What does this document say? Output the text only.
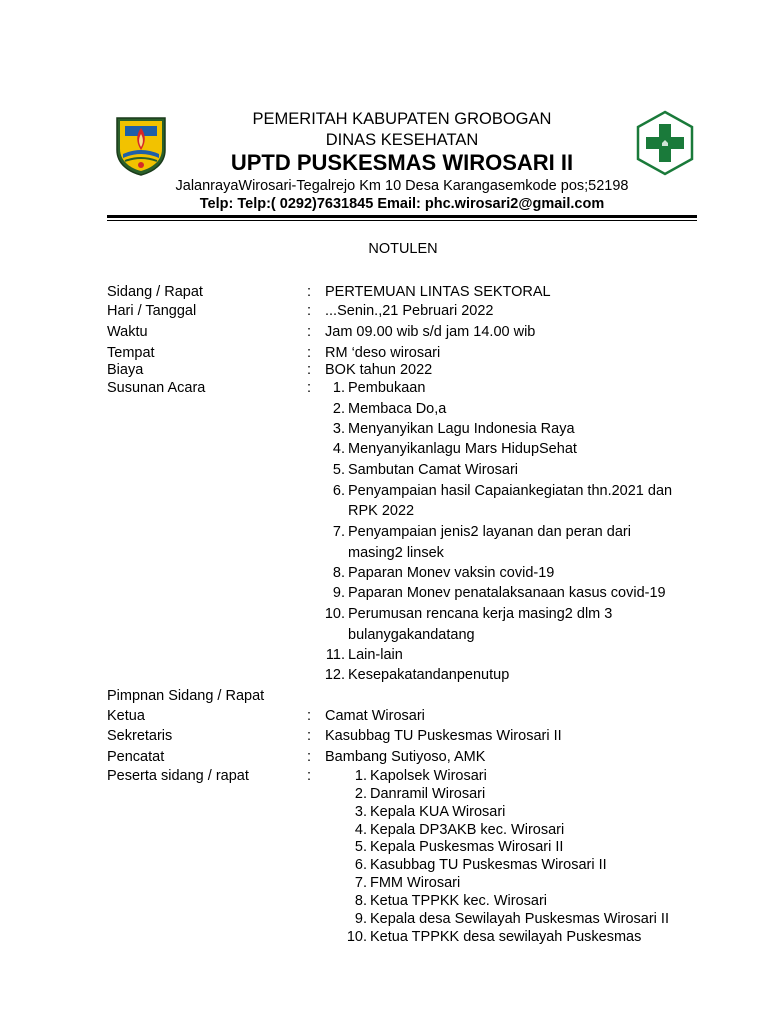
PEMERITAH KABUPATEN GROBOGAN
DINAS KESEHATAN
UPTD PUSKESMAS WIROSARI II
JalanrayaWirosari-Tegalrejo Km 10 Desa Karangasemkode pos;52198
Telp: Telp:( 0292)7631845 Email: phc.wirosari2@gmail.com
NOTULEN
Sidang / Rapat	: PERTEMUAN LINTAS SEKTORAL
Hari / Tanggal	: ...Senin.,21 Pebruari 2022
Waktu	: Jam 09.00 wib s/d jam 14.00 wib
Tempat	: RM ‘deso wirosari
Biaya	: BOK tahun 2022
Susunan Acara	:	1. Pembukaan
2. Membaca Do,a
3. Menyanyikan Lagu Indonesia Raya
4. Menyanyikanlagu Mars HidupSehat
5. Sambutan Camat Wirosari
6. Penyampaian hasil Capaiankegiatan thn.2021 dan
RPK 2022
7. Penyampaian jenis2 layanan dan peran dari
masing2 linsek
8. Paparan Monev vaksin covid-19
9. Paparan Monev penatalaksanaan kasus covid-19
10. Perumusan rencana kerja masing2 dlm 3
bulanygakandatang
11. Lain-lain
12. Kesepakatandanpenutup
Pimpnan Sidang / Rapat
Ketua	: Camat Wirosari
Sekretaris	: Kasubbag TU Puskesmas Wirosari II
Pencatat	: Bambang Sutiyoso, AMK
Peserta sidang / rapat	:	1. Kapolsek Wirosari
2. Danramil Wirosari
3. Kepala KUA Wirosari
4. Kepala DP3AKB kec. Wirosari
5. Kepala Puskesmas Wirosari II
6. Kasubbag TU Puskesmas Wirosari II
7. FMM Wirosari
8. Ketua TPPKK kec. Wirosari
9. Kepala desa Sewilayah Puskesmas Wirosari II
10. Ketua TPPKK desa sewilayah Puskesmas
